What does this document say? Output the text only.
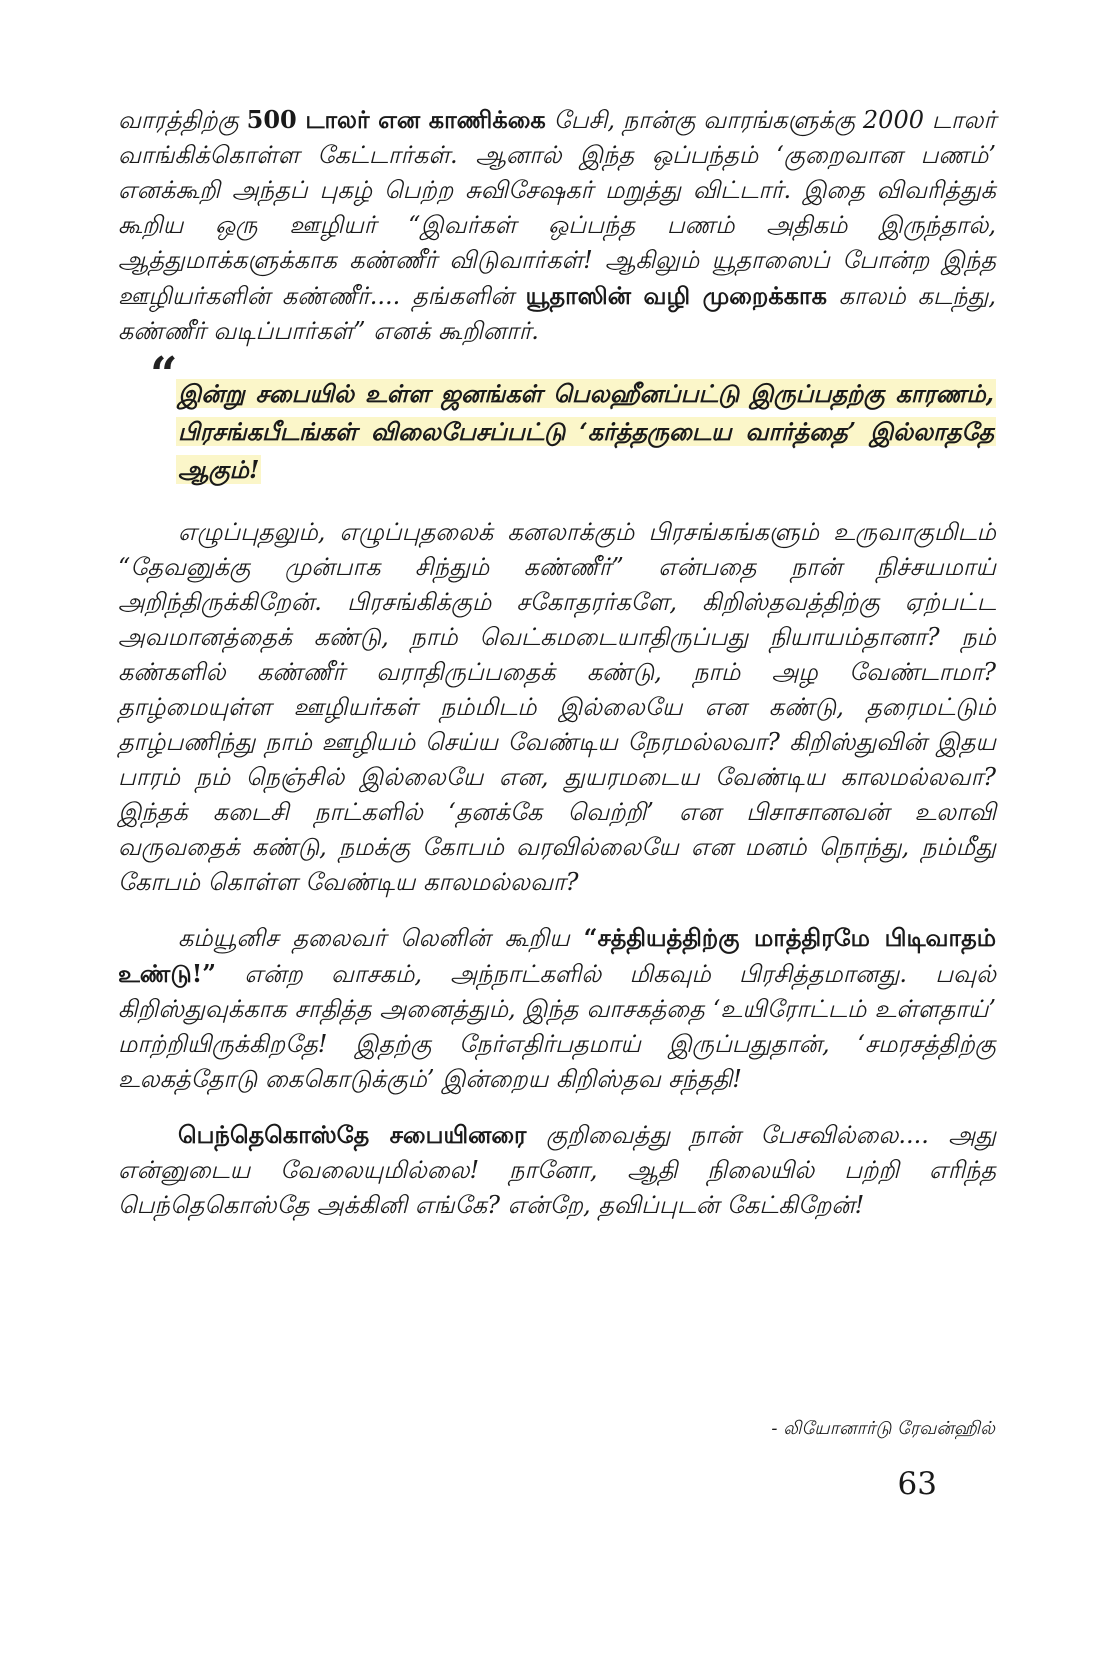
வாரத்திற்கு 500 டாலர் என காணிக்கை பேசி, நான்கு வாரங்களுக்கு 2000 டாலர் வாங்கிக்கொள்ள கேட்டார்கள். ஆனால் இந்த ஒப்பந்தம் ‘குறைவான பணம்’ எனக்கூறி அந்தப் புகழ் பெற்ற சுவிசேஷகர் மறுத்து விட்டார். இதை விவரித்துக் கூறிய ஒரு ஊழியர் “இவர்கள் ஒப்பந்த பணம் அதிகம் இருந்தால், ஆத்துமாக்களுக்காக கண்ணீர் விடுவார்கள்! ஆகிலும் யூதாஸைப் போன்ற இந்த ஊழியர்களின் கண்ணீர்.... தங்களின் யூதாஸின் வழி முறைக்காக காலம் கடந்து, கண்ணீர் வடிப்பார்கள்” எனக் கூறினார்.

“ இன்று சபையில் உள்ள ஜனங்கள் பெலஹீனப்பட்டு இருப்பதற்கு காரணம், பிரசங்கபீடங்கள் விலைபேசப்பட்டு ‘கர்த்தருடைய வார்த்தை’ இல்லாததே ஆகும்!

எழுப்புதலும், எழுப்புதலைக் கனலாக்கும் பிரசங்கங்களும் உருவாகுமிடம் “தேவனுக்கு முன்பாக சிந்தும் கண்ணீர்” என்பதை நான் நிச்சயமாய் அறிந்திருக்கிறேன். பிரசங்கிக்கும் சகோதரர்களே, கிறிஸ்தவத்திற்கு ஏற்பட்ட அவமானத்தைக் கண்டு, நாம் வெட்கமடையாதிருப்பது நியாயம்தானா? நம் கண்களில் கண்ணீர் வராதிருப்பதைக் கண்டு, நாம் அழ வேண்டாமா? தாழ்மையுள்ள ஊழியர்கள் நம்மிடம் இல்லையே என கண்டு, தரைமட்டும் தாழ்பணிந்து நாம் ஊழியம் செய்ய வேண்டிய நேரமல்லவா? கிறிஸ்துவின் இதய பாரம் நம் நெஞ்சில் இல்லையே என, துயரமடைய வேண்டிய காலமல்லவா? இந்தக் கடைசி நாட்களில் ‘தனக்கே வெற்றி’ என பிசாசானவன் உலாவி வருவதைக் கண்டு, நமக்கு கோபம் வரவில்லையே என மனம் நொந்து, நம்மீது கோபம் கொள்ள வேண்டிய காலமல்லவா?

கம்யூனிச தலைவர் லெனின் கூறிய “சத்தியத்திற்கு மாத்திரமே பிடிவாதம் உண்டு!” என்ற வாசகம், அந்நாட்களில் மிகவும் பிரசித்தமானது. பவுல் கிறிஸ்துவுக்காக சாதித்த அனைத்தும், இந்த வாசகத்தை ‘உயிரோட்டம் உள்ளதாய்’ மாற்றியிருக்கிறதே! இதற்கு நேர்எதிர்பதமாய் இருப்பதுதான், ‘சமரசத்திற்கு உலகத்தோடு கைகொடுக்கும்’ இன்றைய கிறிஸ்தவ சந்ததி!

பெந்தெகொஸ்தே சபையினரை குறிவைத்து நான் பேசவில்லை.... அது என்னுடைய வேலையுமில்லை! நானோ, ஆதி நிலையில் பற்றி எரிந்த பெந்தெகொஸ்தே அக்கினி எங்கே? என்றே, தவிப்புடன் கேட்கிறேன்!

- லியோனார்டு ரேவன்ஹில்
63
